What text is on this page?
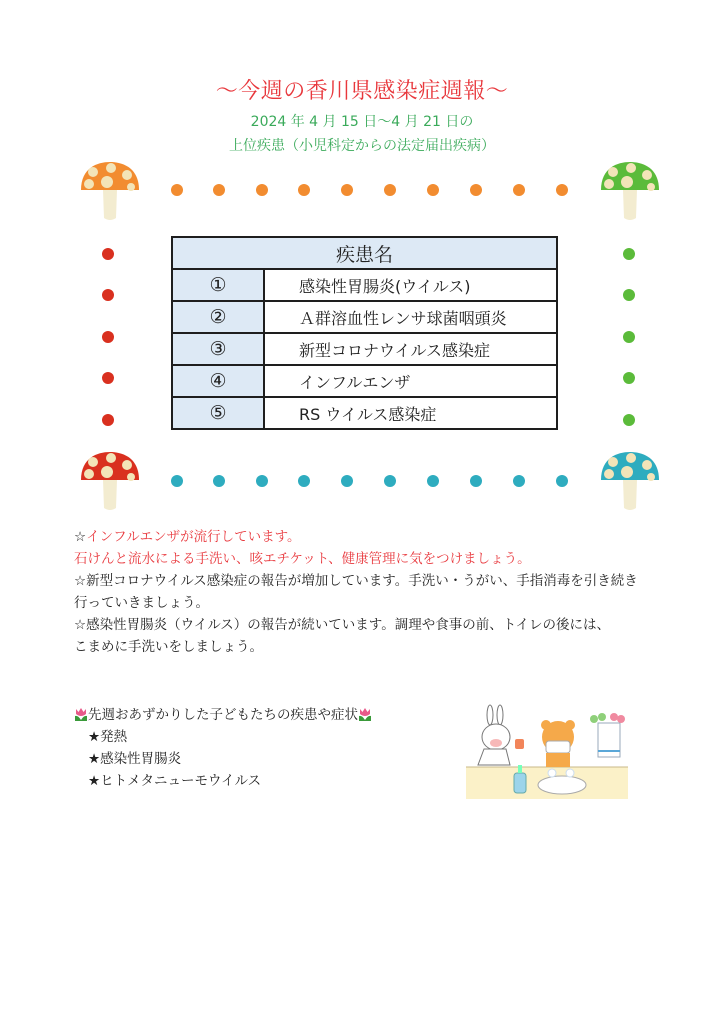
～今週の香川県感染症週報～
2024 年 4 月 15 日～4 月 21 日の
上位疾患（小児科定からの法定届出疾病）
疾患名	
①	感染性胃腸炎(ウイルス)
②	Ａ群溶血性レンサ球菌咽頭炎
③	新型コロナウイルス感染症
④	インフルエンザ
⑤	RS ウイルス感染症
☆インフルエンザが流行しています。
石けんと流水による手洗い、咳エチケット、健康管理に気をつけましょう。
☆新型コロナウイルス感染症の報告が増加しています。手洗い・うがい、手指消毒を引き続き
行っていきましょう。
☆感染性胃腸炎（ウイルス）の報告が続いています。調理や食事の前、トイレの後には、
こまめに手洗いをしましょう。
先週おあずかりした子どもたちの疾患や症状
★発熱
★感染性胃腸炎
★ヒトメタニューモウイルス
